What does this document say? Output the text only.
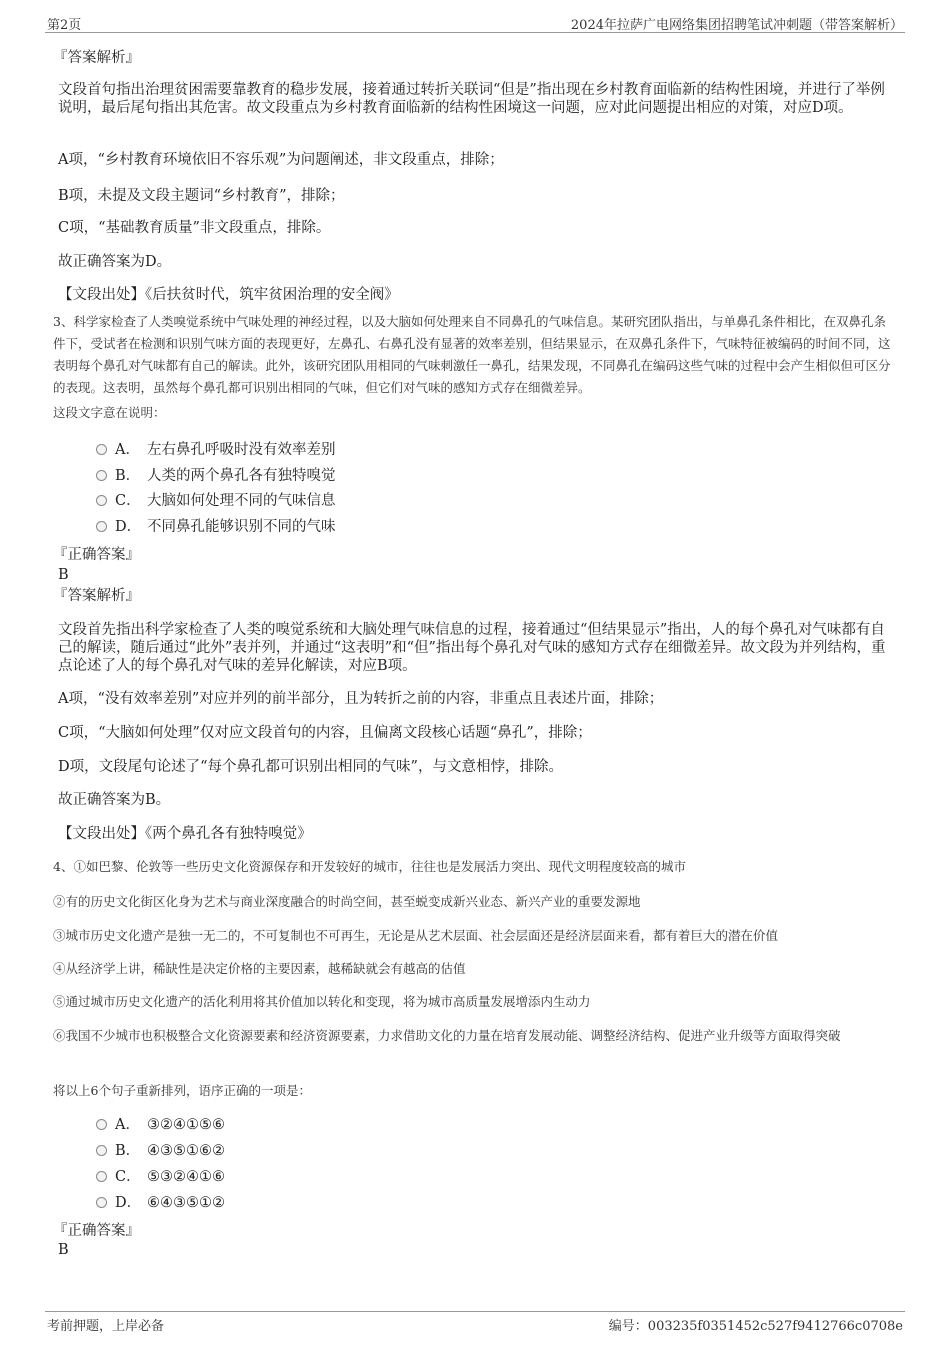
第2页	2024年拉萨广电网络集团招聘笔试冲刺题（带答案解析）
『答案解析』
文段首句指出治理贫困需要靠教育的稳步发展，接着通过转折关联词“但是”指出现在乡村教育面临新的结构性困境，并进行了举例说明，最后尾句指出其危害。故文段重点为乡村教育面临新的结构性困境这一问题，应对此问题提出相应的对策，对应D项。
A项，“乡村教育环境依旧不容乐观”为问题阐述，非文段重点，排除；
B项，未提及文段主题词“乡村教育”，排除；
C项，“基础教育质量”非文段重点，排除。
故正确答案为D。
【文段出处】《后扶贫时代，筑牢贫困治理的安全阀》
3、科学家检查了人类嗅觉系统中气味处理的神经过程，以及大脑如何处理来自不同鼻孔的气味信息。某研究团队指出，与单鼻孔条件相比，在双鼻孔条件下，受试者在检测和识别气味方面的表现更好，左鼻孔、右鼻孔没有显著的效率差别，但结果显示，在双鼻孔条件下，气味特征被编码的时间不同，这表明每个鼻孔对气味都有自己的解读。此外，该研究团队用相同的气味刺激任一鼻孔，结果发现，不同鼻孔在编码这些气味的过程中会产生相似但可区分的表现。这表明，虽然每个鼻孔都可识别出相同的气味，但它们对气味的感知方式存在细微差异。
这段文字意在说明：
A． 左右鼻孔呼吸时没有效率差别
B． 人类的两个鼻孔各有独特嗅觉
C． 大脑如何处理不同的气味信息
D． 不同鼻孔能够识别不同的气味
『正确答案』
B
『答案解析』
文段首先指出科学家检查了人类的嗅觉系统和大脑处理气味信息的过程，接着通过“但结果显示”指出，人的每个鼻孔对气味都有自己的解读，随后通过“此外”表并列，并通过“这表明”和“但”指出每个鼻孔对气味的感知方式存在细微差异。故文段为并列结构，重点论述了人的每个鼻孔对气味的差异化解读，对应B项。
A项，“没有效率差别”对应并列的前半部分，且为转折之前的内容，非重点且表述片面，排除；
C项，“大脑如何处理”仅对应文段首句的内容，且偏离文段核心话题“鼻孔”，排除；
D项，文段尾句论述了“每个鼻孔都可识别出相同的气味”，与文意相悖，排除。
故正确答案为B。
【文段出处】《两个鼻孔各有独特嗅觉》
4、①如巴黎、伦敦等一些历史文化资源保存和开发较好的城市，往往也是发展活力突出、现代文明程度较高的城市
②有的历史文化街区化身为艺术与商业深度融合的时尚空间，甚至蜕变成新兴业态、新兴产业的重要发源地
③城市历史文化遗产是独一无二的，不可复制也不可再生，无论是从艺术层面、社会层面还是经济层面来看，都有着巨大的潜在价值
④从经济学上讲，稀缺性是决定价格的主要因素，越稀缺就会有越高的估值
⑤通过城市历史文化遗产的活化利用将其价值加以转化和变现，将为城市高质量发展增添内生动力
⑥我国不少城市也积极整合文化资源要素和经济资源要素，力求借助文化的力量在培育发展动能、调整经济结构、促进产业升级等方面取得突破
将以上6个句子重新排列，语序正确的一项是：
A． ③②④①⑤⑥
B． ④③⑤①⑥②
C． ⑤③②④①⑥
D． ⑥④③⑤①②
『正确答案』
B
考前押题，上岸必备	编号：003235f0351452c527f9412766c0708e
